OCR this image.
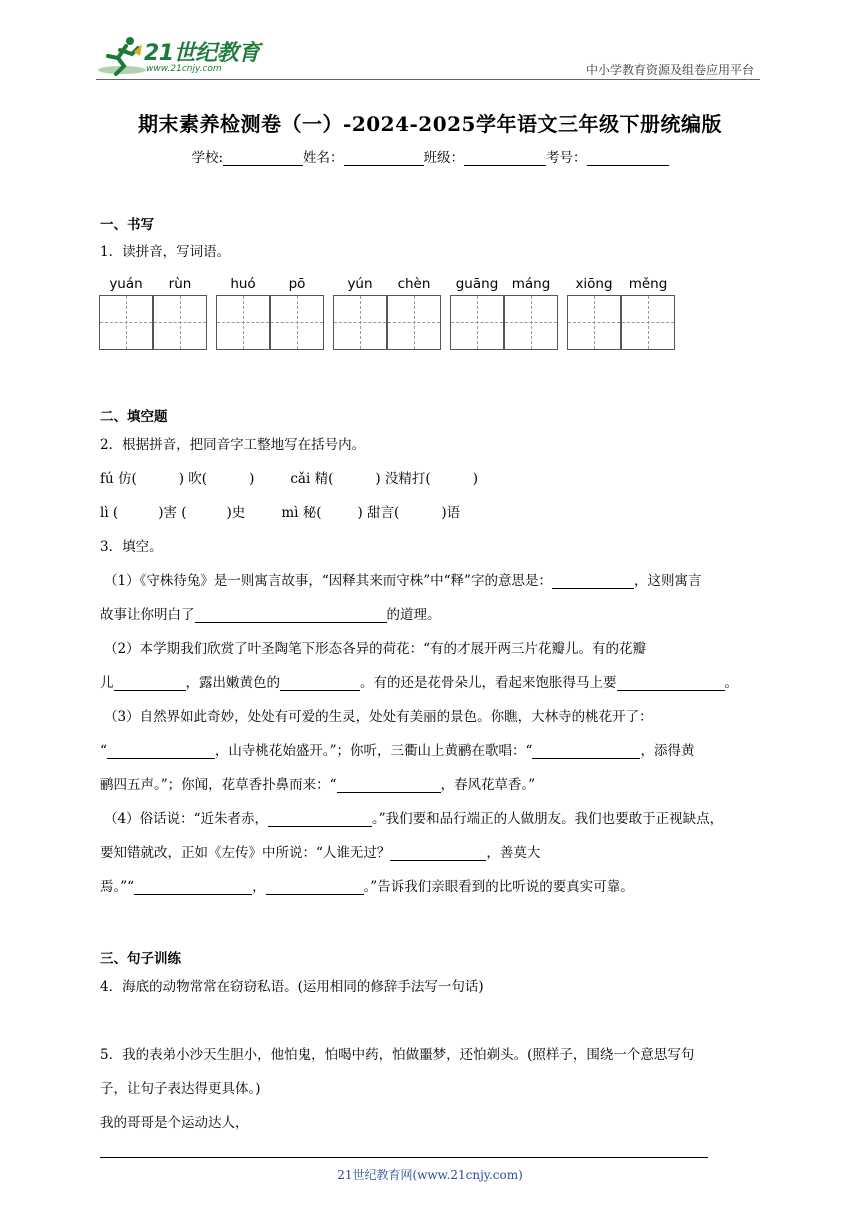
21世纪教育
www.21cnjy.com	中小学教育资源及组卷应用平台
期末素养检测卷（一）-2024-2025学年语文三年级下册统编版
学校:	姓名：	班级：	考号：
一、书写
1．读拼音，写词语。
yuán	rùn	huó	pō	yún	chèn	guāng máng	xiōng	měng
二、填空题
2．根据拼音，把同音字工整地写在括号内。
fú 仿(	) 吹(	)	cǎi 精(	) 没精打(	)
lì (	)害 (	)史	mì 秘(	) 甜言(	)语
3．填空。
（1）《守株待兔》是一则寓言故事，“因释其来而守株”中“释”字的意思是：	，这则寓言
故事让你明白了	的道理。
（2）本学期我们欣赏了叶圣陶笔下形态各异的荷花：“有的才展开两三片花瓣儿。有的花瓣
儿	，露出嫩黄色的	。有的还是花骨朵儿，看起来饱胀得马上要	。
（3）自然界如此奇妙，处处有可爱的生灵，处处有美丽的景色。你瞧，大林寺的桃花开了：
“	，山寺桃花始盛开。”；你听，三衢山上黄鹂在歌唱：“	，添得黄
鹂四五声。”；你闻，花草香扑鼻而来：“	，春风花草香。”
（4）俗话说：“近朱者赤，	。”我们要和品行端正的人做朋友。我们也要敢于正视缺点，
要知错就改，正如《左传》中所说：“人谁无过？	，善莫大
焉。”“	，	。”告诉我们亲眼看到的比听说的要真实可靠。
三、句子训练
4．海底的动物常常在窃窃私语。(运用相同的修辞手法写一句话)
5．我的表弟小沙天生胆小，他怕鬼，怕喝中药，怕做噩梦，还怕剃头。(照样子，围绕一个意思写句
子，让句子表达得更具体。)
我的哥哥是个运动达人，
21世纪教育网(www.21cnjy.com)
